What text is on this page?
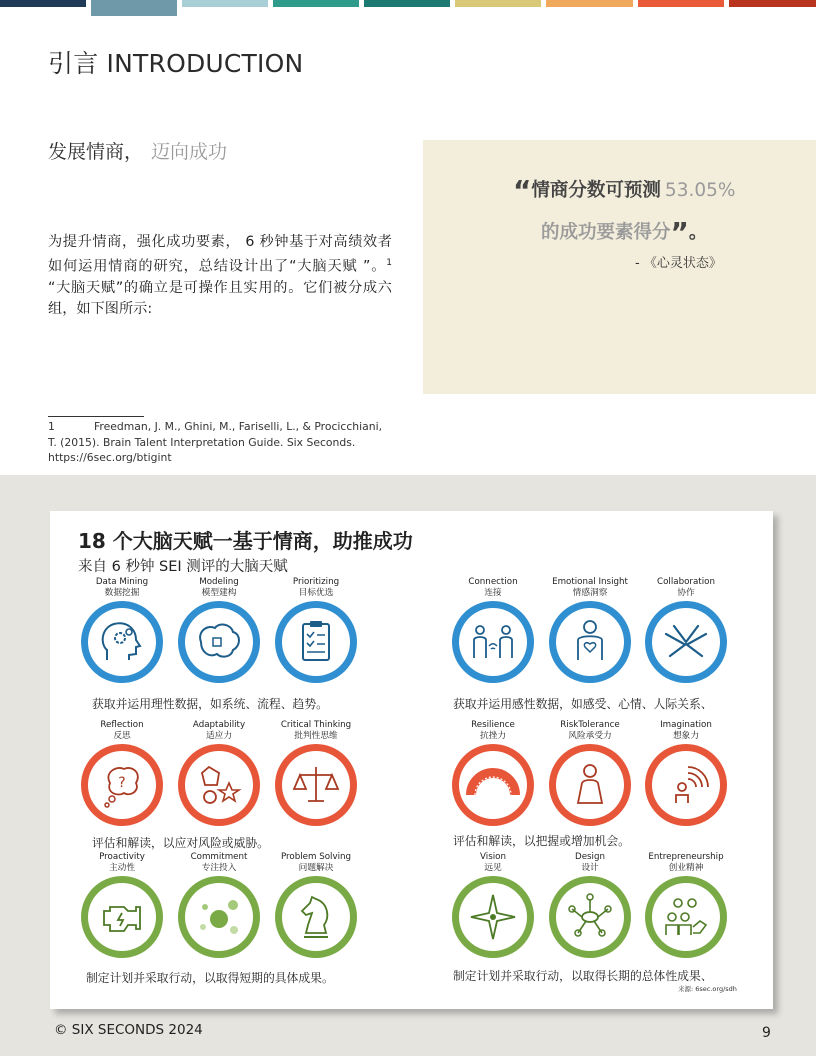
引言 INTRODUCTION
发展情商， 迈向成功
为提升情商，强化成功要素， 6 秒钟基于对高绩效者如何运用情商的研究，总结设计出了“大脑天赋 ”。$^1$ “大脑天赋”的确立是可操作且实用的。它们被分成六组，如下图所示:
“情商分数可预测 53.05%
的成功要素得分”。
- 《心灵状态》
1	Freedman, J. M., Ghini, M., Fariselli, L., & Procicchiani, T. (2015). Brain Talent Interpretation Guide. Six Seconds. https://6sec.org/btigint
18 个大脑天赋一基于情商，助推成功
来自 6 秒钟 SEI 测评的大脑天赋
Data Mining
数据挖掘
Modeling
模型建构
Prioritizing
目标优选
Connection
连接
Emotional Insight
情感洞察
Collaboration
协作
获取并运用理性数据，如系统、流程、趋势。	获取并运用感性数据，如感受、心情、人际关系、
Reflection
反思
?
Adaptability
适应力
Critical Thinking
批判性思维
Resilience
抗挫力
RiskTolerance
风险承受力
Imagination
想象力
评估和解读，以应对风险或威胁。	评估和解读，以把握或增加机会。
Proactivity
主动性
Commitment
专注投入
Problem Solving
问题解决
Vision
远见
Design
设计
Entrepreneurship
创业精神
制定计划并采取行动，以取得短期的具体成果。	制定计划并采取行动，以取得长期的总体性成果、
来源: 6sec.org/sdh
© SIX SECONDS 2024	9
